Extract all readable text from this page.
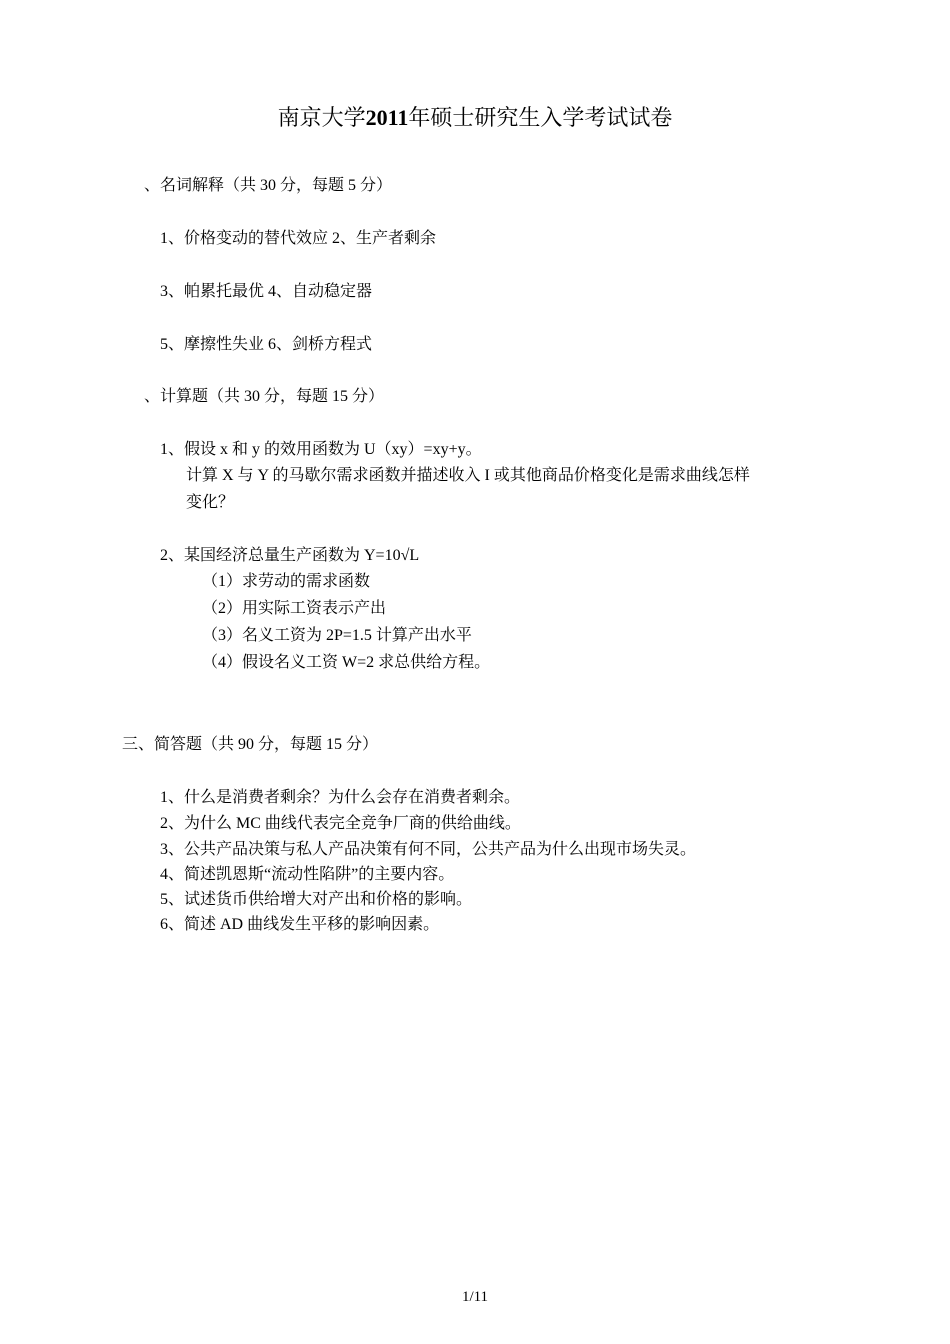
南京大学2011年硕士研究生入学考试试卷
、名词解释（共 30 分，每题 5 分）
1、价格变动的替代效应 2、生产者剩余
3、帕累托最优 4、自动稳定器
5、摩擦性失业 6、剑桥方程式
、计算题（共 30 分，每题 15 分）
1、假设 x 和 y 的效用函数为 U（xy）=xy+y。
计算 X 与 Y 的马歇尔需求函数并描述收入 I 或其他商品价格变化是需求曲线怎样
变化？
2、某国经济总量生产函数为 Y=10√L
（1）求劳动的需求函数
（2）用实际工资表示产出
（3）名义工资为 2P=1.5 计算产出水平
（4）假设名义工资 W=2 求总供给方程。
三、简答题（共 90 分，每题 15 分）
1、什么是消费者剩余？为什么会存在消费者剩余。
2、为什么 MC 曲线代表完全竞争厂商的供给曲线。
3、公共产品决策与私人产品决策有何不同，公共产品为什么出现市场失灵。
4、简述凯恩斯“流动性陷阱”的主要内容。
5、试述货币供给增大对产出和价格的影响。
6、简述 AD 曲线发生平移的影响因素。
1/11
